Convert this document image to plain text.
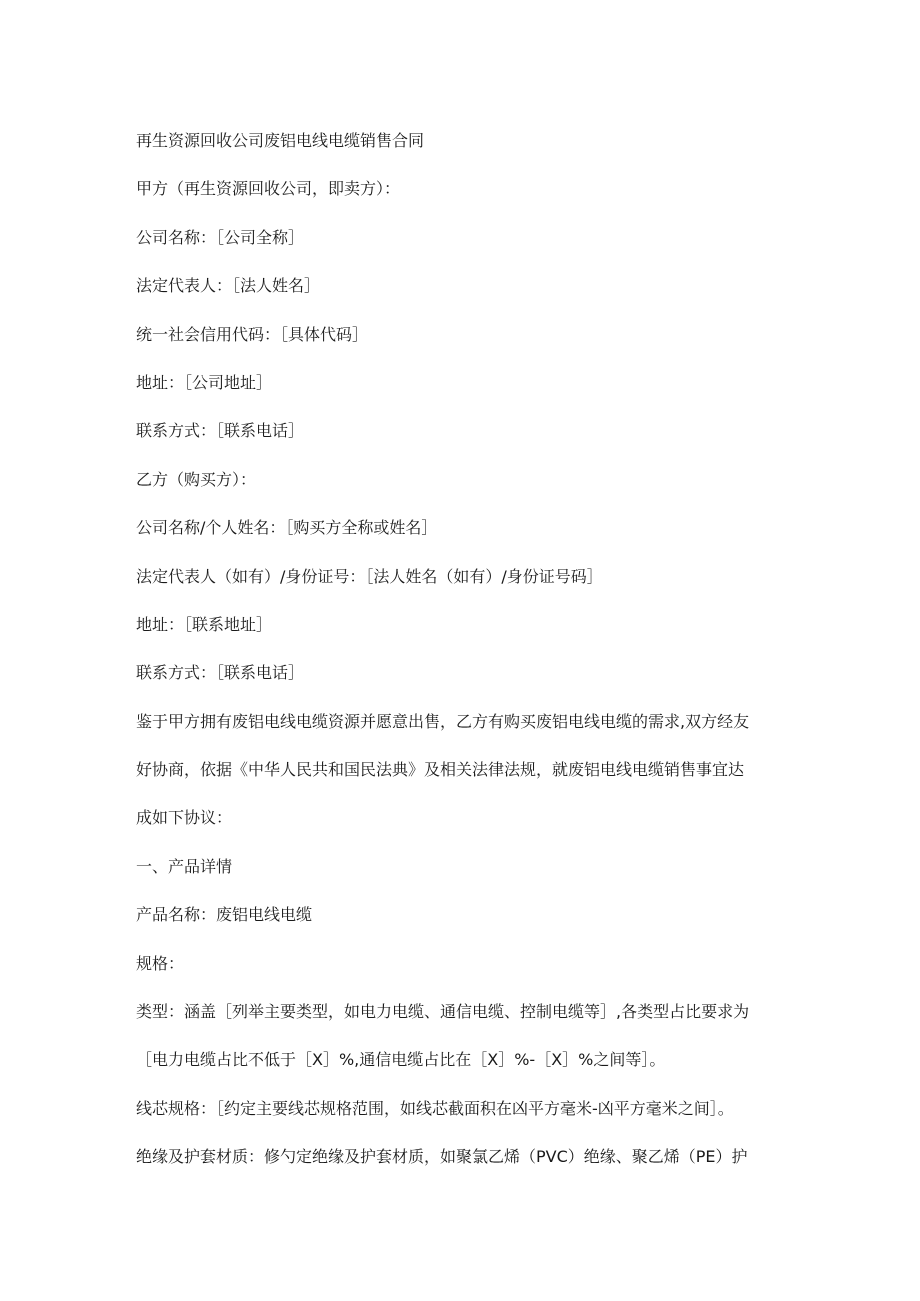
再生资源回收公司废铝电线电缆销售合同

甲方（再生资源回收公司，即卖方）：

公司名称：［公司全称］

法定代表人：［法人姓名］

统一社会信用代码：［具体代码］

地址：［公司地址］

联系方式：［联系电话］

乙方（购买方）：

公司名称/个人姓名：［购买方全称或姓名］

法定代表人（如有）/身份证号：［法人姓名（如有）/身份证号码］

地址：［联系地址］

联系方式：［联系电话］

鉴于甲方拥有废铝电线电缆资源并愿意出售，乙方有购买废铝电线电缆的需求,双方经友

好协商，依据《中华人民共和国民法典》及相关法律法规，就废铝电线电缆销售事宜达

成如下协议：

一、产品详情

产品名称：废铝电线电缆

规格：

类型：涵盖［列举主要类型，如电力电缆、通信电缆、控制电缆等］,各类型占比要求为

［电力电缆占比不低于［X］%,通信电缆占比在［X］%-［X］%之间等］。

线芯规格：［约定主要线芯规格范围，如线芯截面积在凶平方毫米-凶平方毫米之间］。

绝缘及护套材质：修勺定绝缘及护套材质，如聚氯乙烯（PVC）绝缘、聚乙烯（PE）护
